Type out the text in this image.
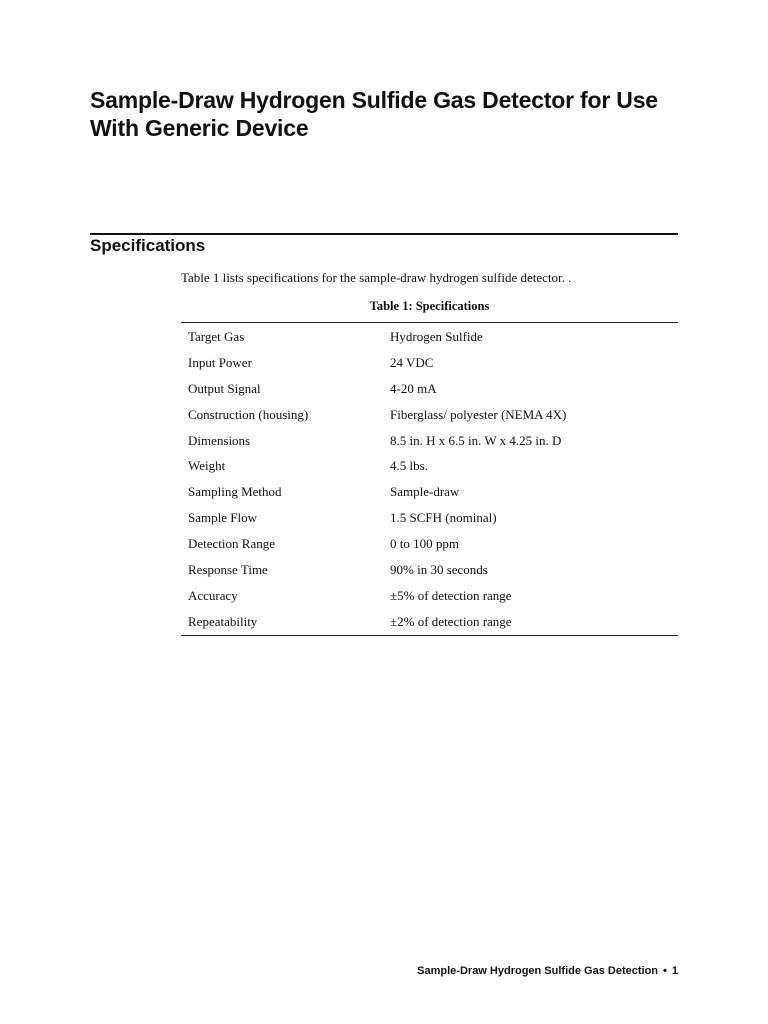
Sample-Draw Hydrogen Sulfide Gas Detector for Use
With Generic Device
Specifications

Table 1 lists specifications for the sample-draw hydrogen sulfide detector. .

Table 1: Specifications

Target Gas	Hydrogen Sulfide
Input Power	24 VDC
Output Signal	4-20 mA
Construction (housing)	Fiberglass/ polyester (NEMA 4X)
Dimensions	8.5 in. H x 6.5 in. W x 4.25 in. D
Weight	4.5 lbs.
Sampling Method	Sample-draw
Sample Flow	1.5 SCFH (nominal)
Detection Range	0 to 100 ppm
Response Time	90% in 30 seconds
Accuracy	±5% of detection range
Repeatability	±2% of detection range

Sample-Draw Hydrogen Sulfide Gas Detection • 1
